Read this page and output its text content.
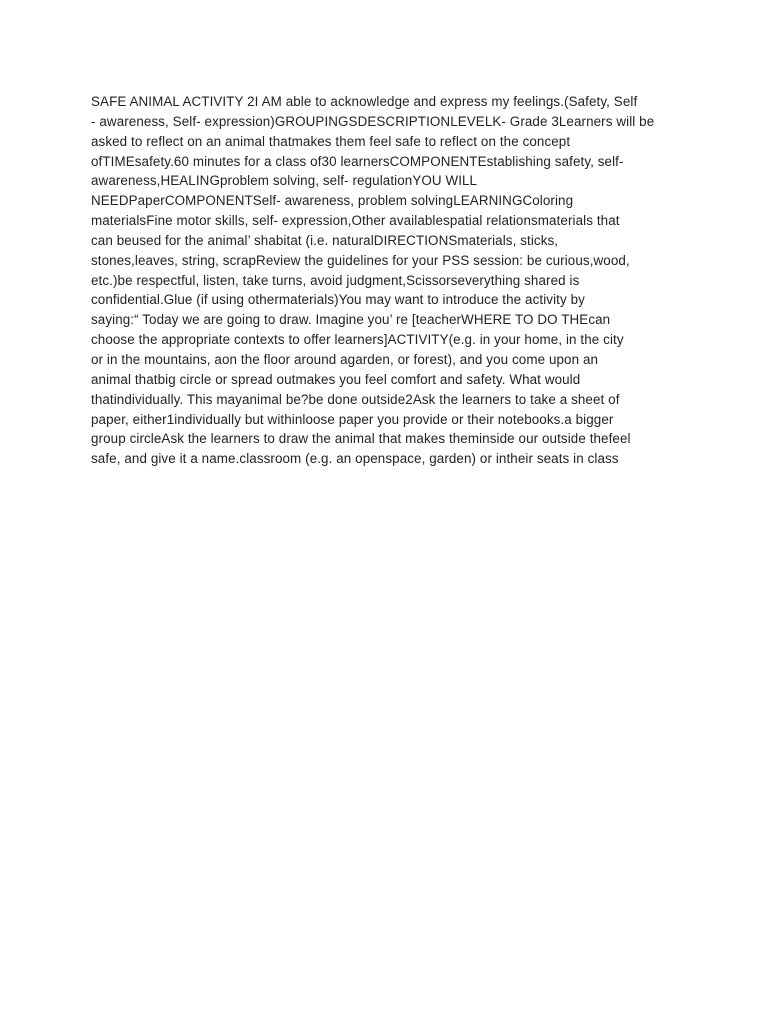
SAFE ANIMAL ACTIVITY 2I AM able to acknowledge and express my feelings.(Safety, Self
- awareness, Self- expression)GROUPINGSDESCRIPTIONLEVELK- Grade 3Learners will be
asked to reflect on an animal thatmakes them feel safe to reflect on the concept
ofTIMEsafety.60 minutes for a class of30 learnersCOMPONENTEstablishing safety, self-
awareness,HEALINGproblem solving, self- regulationYOU WILL
NEEDPaperCOMPONENTSelf- awareness, problem solvingLEARNINGColoring
materialsFine motor skills, self- expression,Other availablespatial relationsmaterials that
can beused for the animal’ shabitat (i.e. naturalDIRECTIONSmaterials, sticks,
stones,leaves, string, scrapReview the guidelines for your PSS session: be curious,wood,
etc.)be respectful, listen, take turns, avoid judgment,Scissorseverything shared is
confidential.Glue (if using othermaterials)You may want to introduce the activity by
saying:“ Today we are going to draw. Imagine you’ re [teacherWHERE TO DO THEcan
choose the appropriate contexts to offer learners]ACTIVITY(e.g. in your home, in the city
or in the mountains, aon the floor around agarden, or forest), and you come upon an
animal thatbig circle or spread outmakes you feel comfort and safety. What would
thatindividually. This mayanimal be?be done outside2Ask the learners to take a sheet of
paper, either1individually but withinloose paper you provide or their notebooks.a bigger
group circleAsk the learners to draw the animal that makes theminside our outside thefeel
safe, and give it a name.classroom (e.g. an openspace, garden) or intheir seats in class
